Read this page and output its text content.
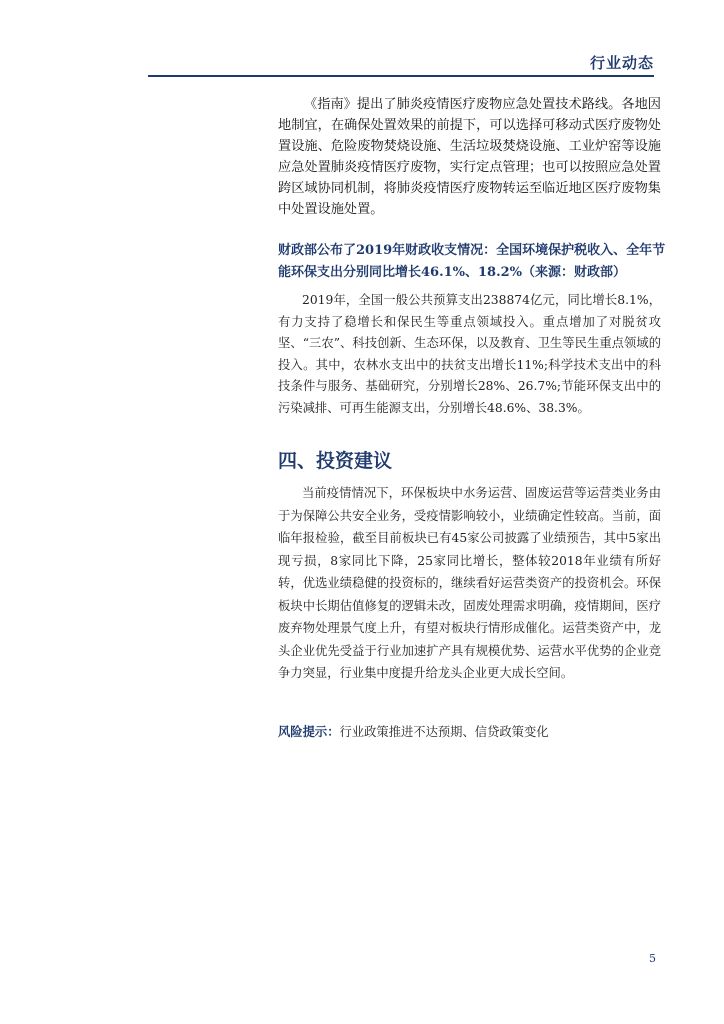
行业动态

《指南》提出了肺炎疫情医疗废物应急处置技术路线。各地因地制宜，在确保处置效果的前提下，可以选择可移动式医疗废物处置设施、危险废物焚烧设施、生活垃圾焚烧设施、工业炉窑等设施应急处置肺炎疫情医疗废物，实行定点管理；也可以按照应急处置跨区域协同机制，将肺炎疫情医疗废物转运至临近地区医疗废物集中处置设施处置。

财政部公布了2019年财政收支情况：全国环境保护税收入、全年节能环保支出分别同比增长46.1%、18.2%（来源：财政部）

2019年，全国一般公共预算支出238874亿元，同比增长8.1%，有力支持了稳增长和保民生等重点领域投入。重点增加了对脱贫攻坚、“三农”、科技创新、生态环保，以及教育、卫生等民生重点领域的投入。其中，农林水支出中的扶贫支出增长11%;科学技术支出中的科技条件与服务、基础研究，分别增长28%、26.7%;节能环保支出中的污染减排、可再生能源支出，分别增长48.6%、38.3%。

四、投资建议

当前疫情情况下，环保板块中水务运营、固废运营等运营类业务由于为保障公共安全业务，受疫情影响较小，业绩确定性较高。当前，面临年报检验，截至目前板块已有45家公司披露了业绩预告，其中5家出现亏损，8家同比下降，25家同比增长，整体较2018年业绩有所好转，优选业绩稳健的投资标的，继续看好运营类资产的投资机会。环保板块中长期估值修复的逻辑未改，固废处理需求明确，疫情期间，医疗废弃物处理景气度上升，有望对板块行情形成催化。运营类资产中，龙头企业优先受益于行业加速扩产具有规模优势、运营水平优势的企业竞争力突显，行业集中度提升给龙头企业更大成长空间。

风险提示：行业政策推进不达预期、信贷政策变化

5
